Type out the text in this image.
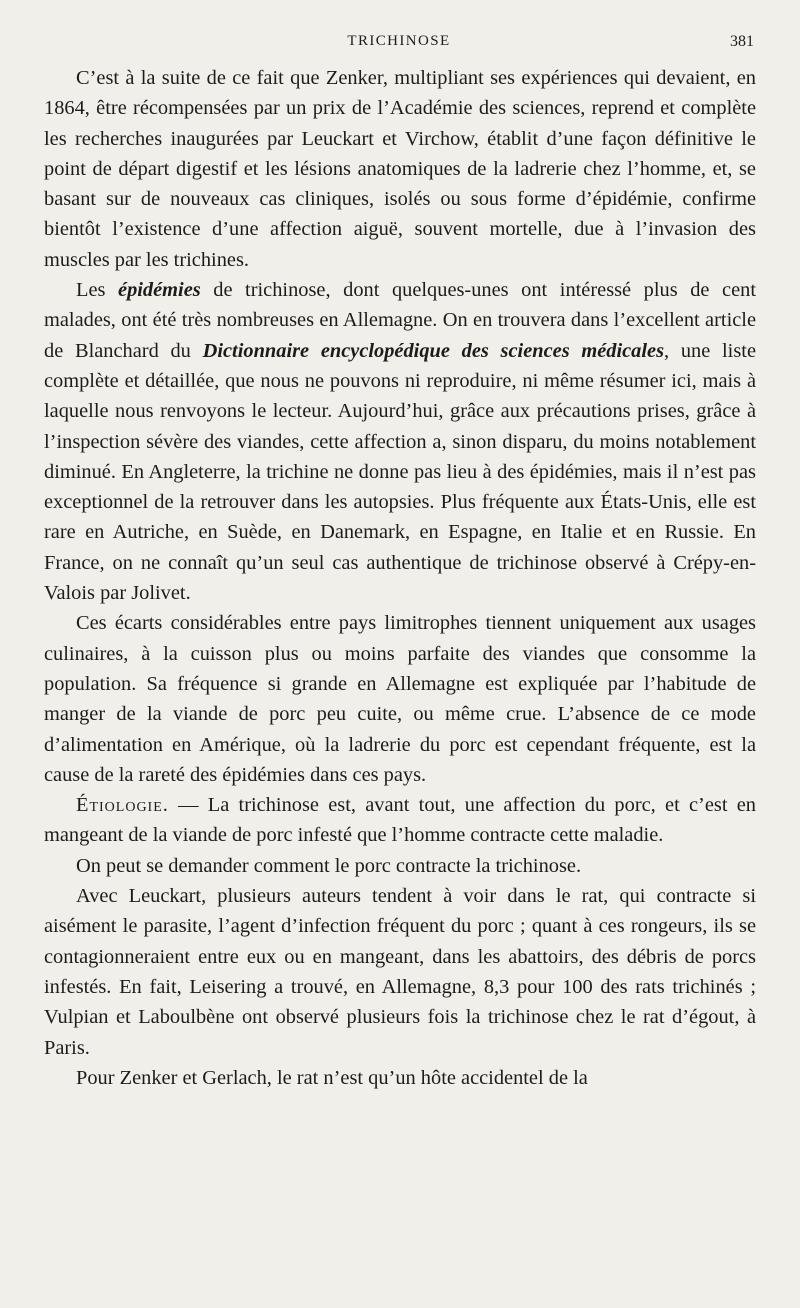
TRICHINOSE	381

C’est à la suite de ce fait que Zenker, multipliant ses expériences qui devaient, en 1864, être récompensées par un prix de l’Académie des sciences, reprend et complète les recherches inaugurées par Leuckart et Virchow, établit d’une façon définitive le point de départ digestif et les lésions anatomiques de la ladrerie chez l’homme, et, se basant sur de nouveaux cas cliniques, isolés ou sous forme d’épidémie, confirme bientôt l’existence d’une affection aiguë, souvent mortelle, due à l’invasion des muscles par les trichines.

Les épidémies de trichinose, dont quelques-unes ont intéressé plus de cent malades, ont été très nombreuses en Allemagne. On en trouvera dans l’excellent article de Blanchard du Dictionnaire encyclopédique des sciences médicales, une liste complète et détaillée, que nous ne pouvons ni reproduire, ni même résumer ici, mais à laquelle nous renvoyons le lecteur. Aujourd’hui, grâce aux précautions prises, grâce à l’inspection sévère des viandes, cette affection a, sinon disparu, du moins notablement diminué. En Angleterre, la trichine ne donne pas lieu à des épidémies, mais il n’est pas exceptionnel de la retrouver dans les autopsies. Plus fréquente aux États-Unis, elle est rare en Autriche, en Suède, en Danemark, en Espagne, en Italie et en Russie. En France, on ne connaît qu’un seul cas authentique de trichinose observé à Crépy-en-Valois par Jolivet.

Ces écarts considérables entre pays limitrophes tiennent uniquement aux usages culinaires, à la cuisson plus ou moins parfaite des viandes que consomme la population. Sa fréquence si grande en Allemagne est expliquée par l’habitude de manger de la viande de porc peu cuite, ou même crue. L’absence de ce mode d’alimentation en Amérique, où la ladrerie du porc est cependant fréquente, est la cause de la rareté des épidémies dans ces pays.

Étiologie. — La trichinose est, avant tout, une affection du porc, et c’est en mangeant de la viande de porc infesté que l’homme contracte cette maladie.

On peut se demander comment le porc contracte la trichinose.

Avec Leuckart, plusieurs auteurs tendent à voir dans le rat, qui contracte si aisément le parasite, l’agent d’infection fréquent du porc ; quant à ces rongeurs, ils se contagionneraient entre eux ou en mangeant, dans les abattoirs, des débris de porcs infestés. En fait, Leisering a trouvé, en Allemagne, 8,3 pour 100 des rats trichinés ; Vulpian et Laboulbène ont observé plusieurs fois la trichinose chez le rat d’égout, à Paris.

Pour Zenker et Gerlach, le rat n’est qu’un hôte accidentel de la
